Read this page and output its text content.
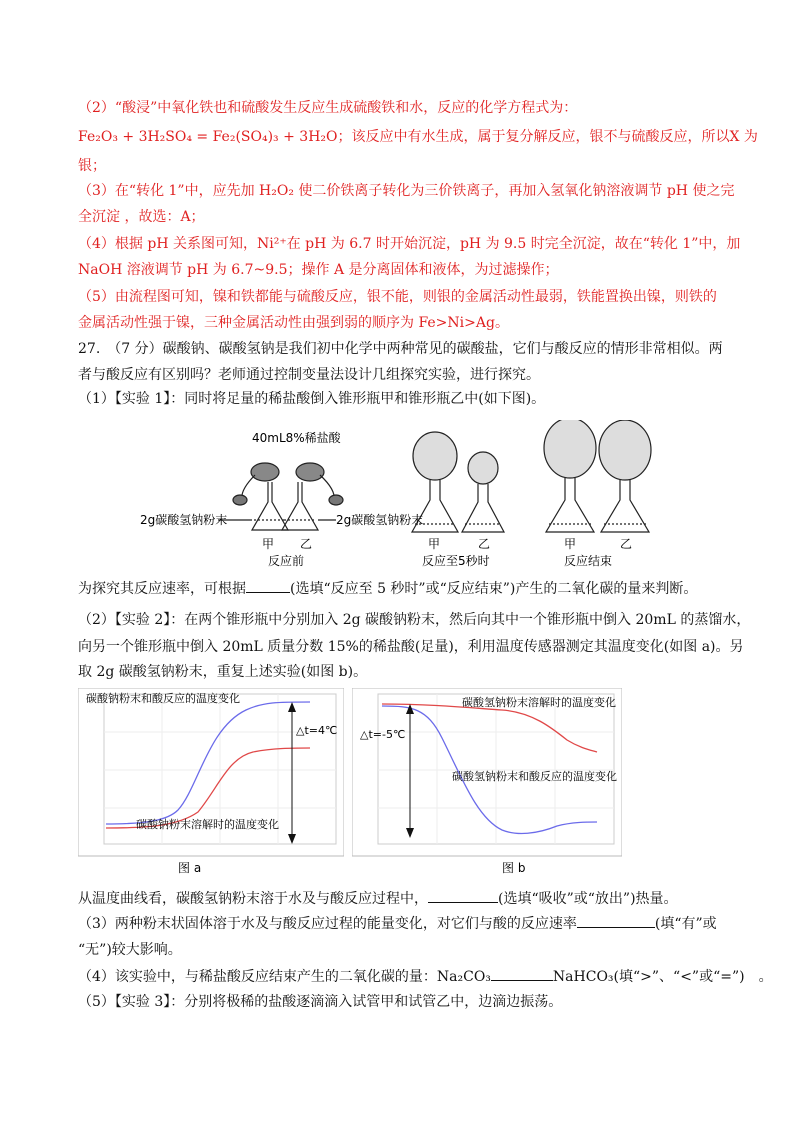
（2）“酸浸”中氧化铁也和硫酸发生反应生成硫酸铁和水，反应的化学方程式为：
Fe₂O₃ + 3H₂SO₄ = Fe₂(SO₄)₃ + 3H₂O；该反应中有水生成，属于复分解反应，银不与硫酸反应，所以X 为
银；
（3）在“转化 1”中，应先加 H₂O₂ 使二价铁离子转化为三价铁离子，再加入氢氧化钠溶液调节 pH 使之完
全沉淀 ，故选：A；
（4）根据 pH 关系图可知，Ni²⁺在 pH 为 6.7 时开始沉淀，pH 为 9.5 时完全沉淀，故在“转化 1”中，加
NaOH 溶液调节 pH 为 6.7~9.5；操作 A 是分离固体和液体，为过滤操作；
（5）由流程图可知，镍和铁都能与硫酸反应，银不能，则银的金属活动性最弱，铁能置换出镍，则铁的
金属活动性强于镍，三种金属活动性由强到弱的顺序为 Fe>Ni>Ag。
27.　（7 分）碳酸钠、碳酸氢钠是我们初中化学中两种常见的碳酸盐，它们与酸反应的情形非常相似。两
者与酸反应有区别吗？老师通过控制变量法设计几组探究实验，进行探究。
（1）【实验 1】：同时将足量的稀盐酸倒入锥形瓶甲和锥形瓶乙中(如下图)。
40mL8%稀盐酸
2g碳酸氢钠粉末	2g碳酸氢钠粉末
甲 乙
反应前
甲	乙
反应至5秒时
甲	乙
反应结束
为探究其反应速率，可根据	(选填“反应至 5 秒时”或“反应结束”)产生的二氧化碳的量来判断。
（2）【实验 2】：在两个锥形瓶中分别加入 2g 碳酸钠粉末，然后向其中一个锥形瓶中倒入 20mL 的蒸馏水，
向另一个锥形瓶中倒入 20mL 质量分数 15%的稀盐酸(足量)，利用温度传感器测定其温度变化(如图 a)。另
取 2g 碳酸氢钠粉末，重复上述实验(如图 b)。
碳酸钠粉末和酸反应的温度变化
碳酸钠粉末溶解时的温度变化
△t=4℃
图 a
碳酸氢钠粉末溶解时的温度变化
碳酸氢钠粉末和酸反应的温度变化
△t=-5℃
图 b
从温度曲线看，碳酸氢钠粉末溶于水及与酸反应过程中，	(选填“吸收”或“放出”)热量。
（3）两种粉末状固体溶于水及与酸反应过程的能量变化，对它们与酸的反应速率	(填“有”或
“无”)较大影响。
（4）该实验中，与稀盐酸反应结束产生的二氧化碳的量：Na₂CO₃	NaHCO₃(填“>”、“<”或“=”)　。
（5）【实验 3】：分别将极稀的盐酸逐滴滴入试管甲和试管乙中，边滴边振荡。
